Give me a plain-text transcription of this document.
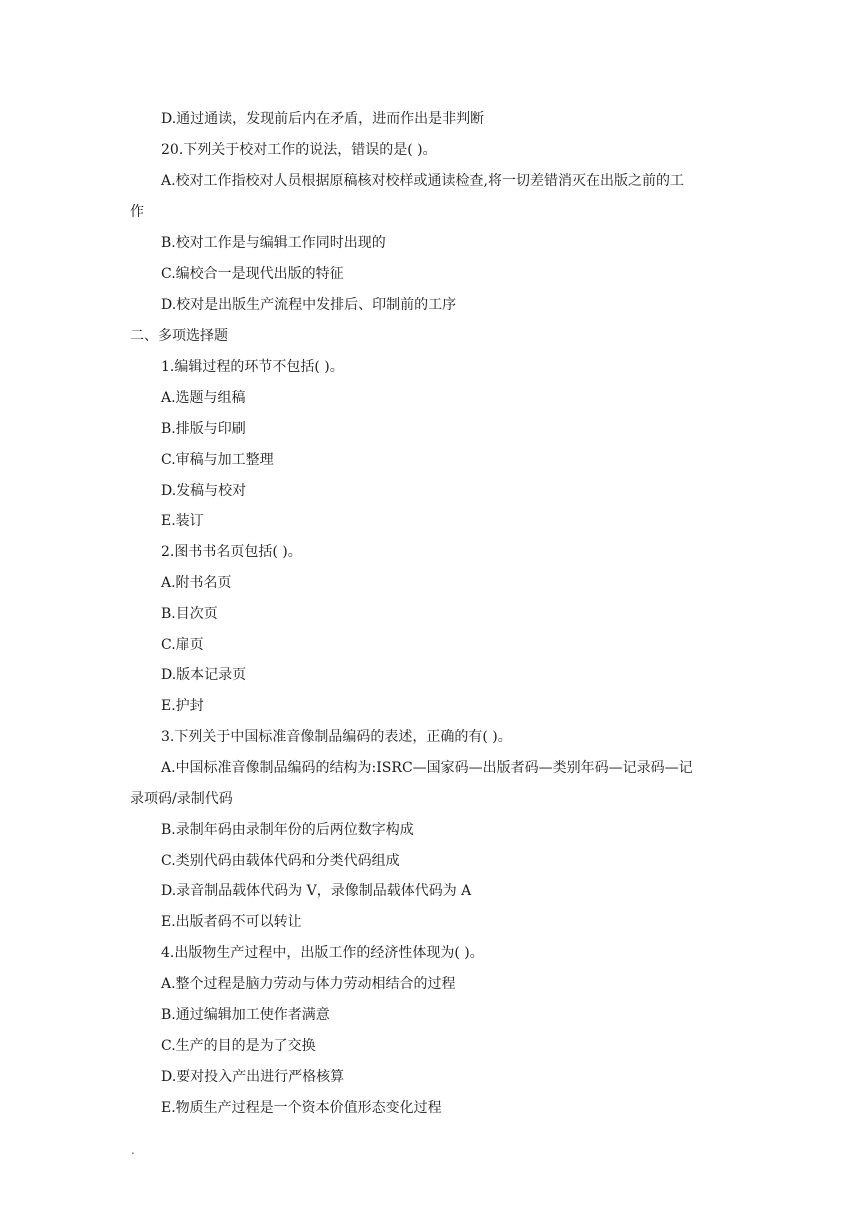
D.通过通读，发现前后内在矛盾，进而作出是非判断
20.下列关于校对工作的说法，错误的是( )。
A.校对工作指校对人员根据原稿核对校样或通读检查,将一切差错消灭在出版之前的工
作
B.校对工作是与编辑工作同时出现的
C.编校合一是现代出版的特征
D.校对是出版生产流程中发排后、印制前的工序
二、多项选择题
1.编辑过程的环节不包括( )。
A.选题与组稿
B.排版与印刷
C.审稿与加工整理
D.发稿与校对
E.装订
2.图书书名页包括( )。
A.附书名页
B.目次页
C.扉页
D.版本记录页
E.护封
3.下列关于中国标准音像制品编码的表述，正确的有( )。
A.中国标准音像制品编码的结构为:ISRC—国家码—出版者码—类别年码—记录码—记
录项码/录制代码
B.录制年码由录制年份的后两位数字构成
C.类别代码由载体代码和分类代码组成
D.录音制品载体代码为 V，录像制品载体代码为 A
E.出版者码不可以转让
4.出版物生产过程中，出版工作的经济性体现为( )。
A.整个过程是脑力劳动与体力劳动相结合的过程
B.通过编辑加工使作者满意
C.生产的目的是为了交换
D.要对投入产出进行严格核算
E.物质生产过程是一个资本价值形态变化过程
.
